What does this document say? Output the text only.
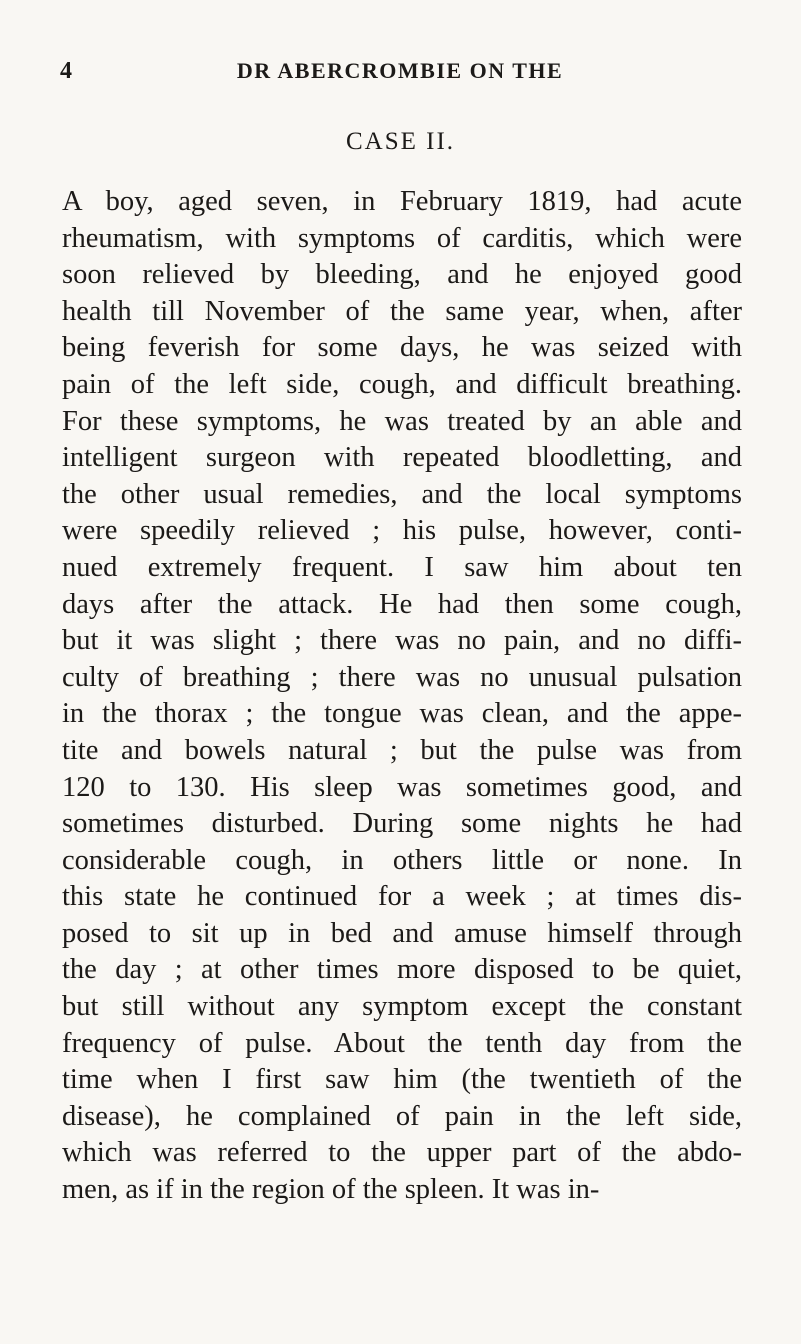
4	DR ABERCROMBIE ON THE
CASE II.
A boy, aged seven, in February 1819, had acute
rheumatism, with symptoms of carditis, which were
soon relieved by bleeding, and he enjoyed good
health till November of the same year, when, after
being feverish for some days, he was seized with
pain of the left side, cough, and difficult breathing.
For these symptoms, he was treated by an able and
intelligent surgeon with repeated bloodletting, and
the other usual remedies, and the local symptoms
were speedily relieved ; his pulse, however, conti-
nued extremely frequent. I saw him about ten
days after the attack. He had then some cough,
but it was slight ; there was no pain, and no diffi-
culty of breathing ; there was no unusual pulsation
in the thorax ; the tongue was clean, and the appe-
tite and bowels natural ; but the pulse was from
120 to 130. His sleep was sometimes good, and
sometimes disturbed. During some nights he had
considerable cough, in others little or none. In
this state he continued for a week ; at times dis-
posed to sit up in bed and amuse himself through
the day ; at other times more disposed to be quiet,
but still without any symptom except the constant
frequency of pulse. About the tenth day from the
time when I first saw him (the twentieth of the
disease), he complained of pain in the left side,
which was referred to the upper part of the abdo-
men, as if in the region of the spleen. It was in-
